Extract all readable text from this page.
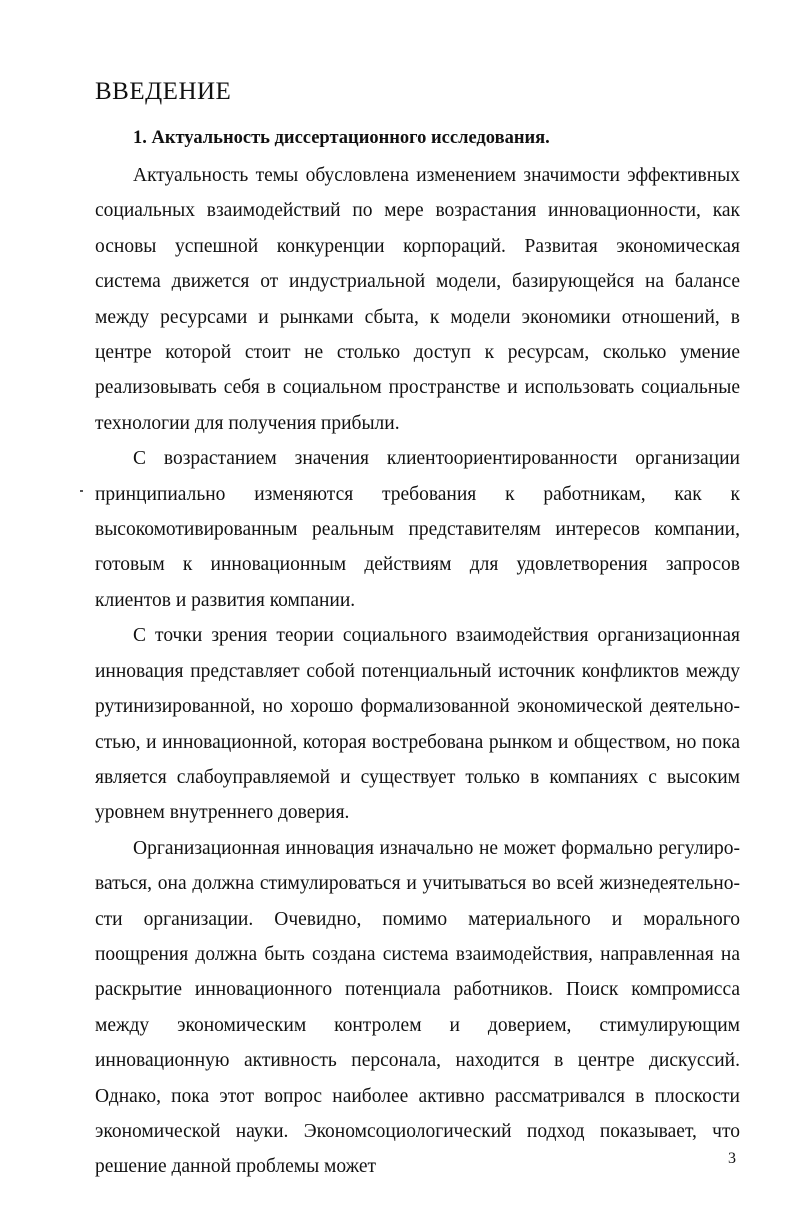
ВВЕДЕНИЕ
1. Актуальность диссертационного исследования.

Актуальность темы обусловлена изменением значимости эффективных социальных взаимодействий по мере возрастания инновационности, как основы успешной конкуренции корпораций. Развитая экономическая система движется от индустриальной модели, базирующейся на балансе между ресурсами и рынками сбыта, к модели экономики отношений, в центре которой стоит не столько доступ к ресурсам, сколько умение реализовывать себя в социальном пространстве и использовать социальные технологии для получения прибыли.

С возрастанием значения клиентоориентированности организации принципиально изменяются требования к работникам, как к высокомотивированным реальным представителям интересов компании, готовым к инновационным действиям для удовлетворения запросов клиентов и развития компании.

С точки зрения теории социального взаимодействия организационная инновация представляет собой потенциальный источник конфликтов между рутинизированной, но хорошо формализованной экономической деятельностью, и инновационной, которая востребована рынком и обществом, но пока является слабоуправляемой и существует только в компаниях с высоким уровнем внутреннего доверия.

Организационная инновация изначально не может формально регулироваться, она должна стимулироваться и учитываться во всей жизнедеятельности организации. Очевидно, помимо материального и морального поощрения должна быть создана система взаимодействия, направленная на раскрытие инновационного потенциала работников. Поиск компромисса между экономическим контролем и доверием, стимулирующим инновационную активность персонала, находится в центре дискуссий. Однако, пока этот вопрос наиболее активно рассматривался в плоскости экономической науки. Экономсоциологический подход показывает, что решение данной проблемы может	3
